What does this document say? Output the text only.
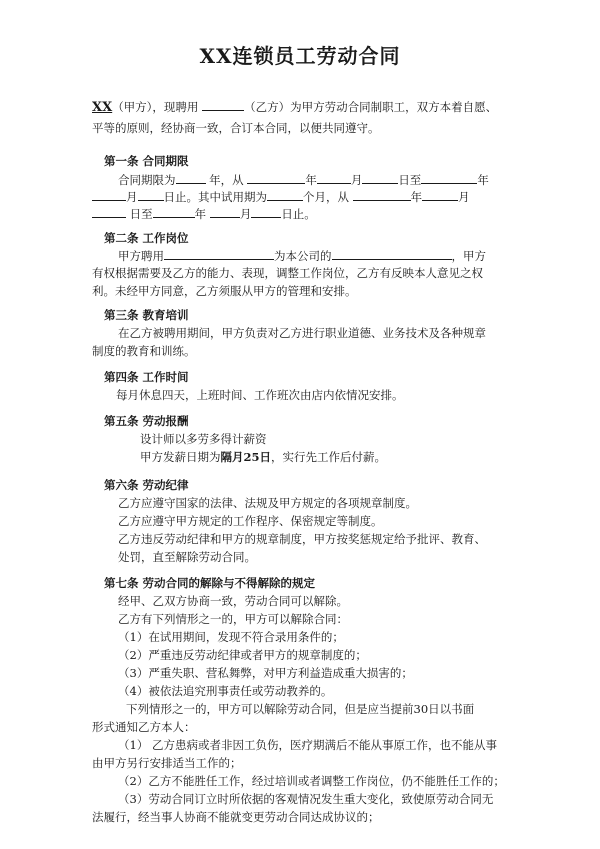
XX连锁员工劳动合同
XX（甲方），现聘用	（乙方）为甲方劳动合同制职工，双方本着自愿、
平等的原则，经协商一致，合订本合同，以便共同遵守。
第一条 合同期限
合同期限为	年，从	年	月	日至	年
月 日止。其中试用期为	个月，从	年	月
日至	年	月	日止。
第二条 工作岗位
甲方聘用	为本公司的	，甲方
有权根据需要及乙方的能力、表现，调整工作岗位，乙方有反映本人意见之权
利。未经甲方同意，乙方须服从甲方的管理和安排。
第三条 教育培训
在乙方被聘用期间，甲方负责对乙方进行职业道德、业务技术及各种规章
制度的教育和训练。
第四条 工作时间
每月休息四天，上班时间、工作班次由店内依情况安排。
第五条 劳动报酬
设计师以多劳多得计薪资
甲方发薪日期为隔月25日，实行先工作后付薪。
第六条 劳动纪律
乙方应遵守国家的法律、法规及甲方规定的各项规章制度。
乙方应遵守甲方规定的工作程序、保密规定等制度。
乙方违反劳动纪律和甲方的规章制度，甲方按奖惩规定给予批评、教育、
处罚，直至解除劳动合同。
第七条 劳动合同的解除与不得解除的规定
经甲、乙双方协商一致，劳动合同可以解除。
乙方有下列情形之一的，甲方可以解除合同：
（1）在试用期间，发现不符合录用条件的；
（2）严重违反劳动纪律或者甲方的规章制度的；
（3）严重失职、营私舞弊，对甲方利益造成重大损害的；
（4）被依法追究刑事责任或劳动教养的。
下列情形之一的，甲方可以解除劳动合同，但是应当提前30日以书面
形式通知乙方本人：
（1） 乙方患病或者非因工负伤，医疗期满后不能从事原工作，也不能从事
由甲方另行安排适当工作的；
（2）乙方不能胜任工作，经过培训或者调整工作岗位，仍不能胜任工作的；
（3）劳动合同订立时所依据的客观情况发生重大变化，致使原劳动合同无
法履行，经当事人协商不能就变更劳动合同达成协议的；
